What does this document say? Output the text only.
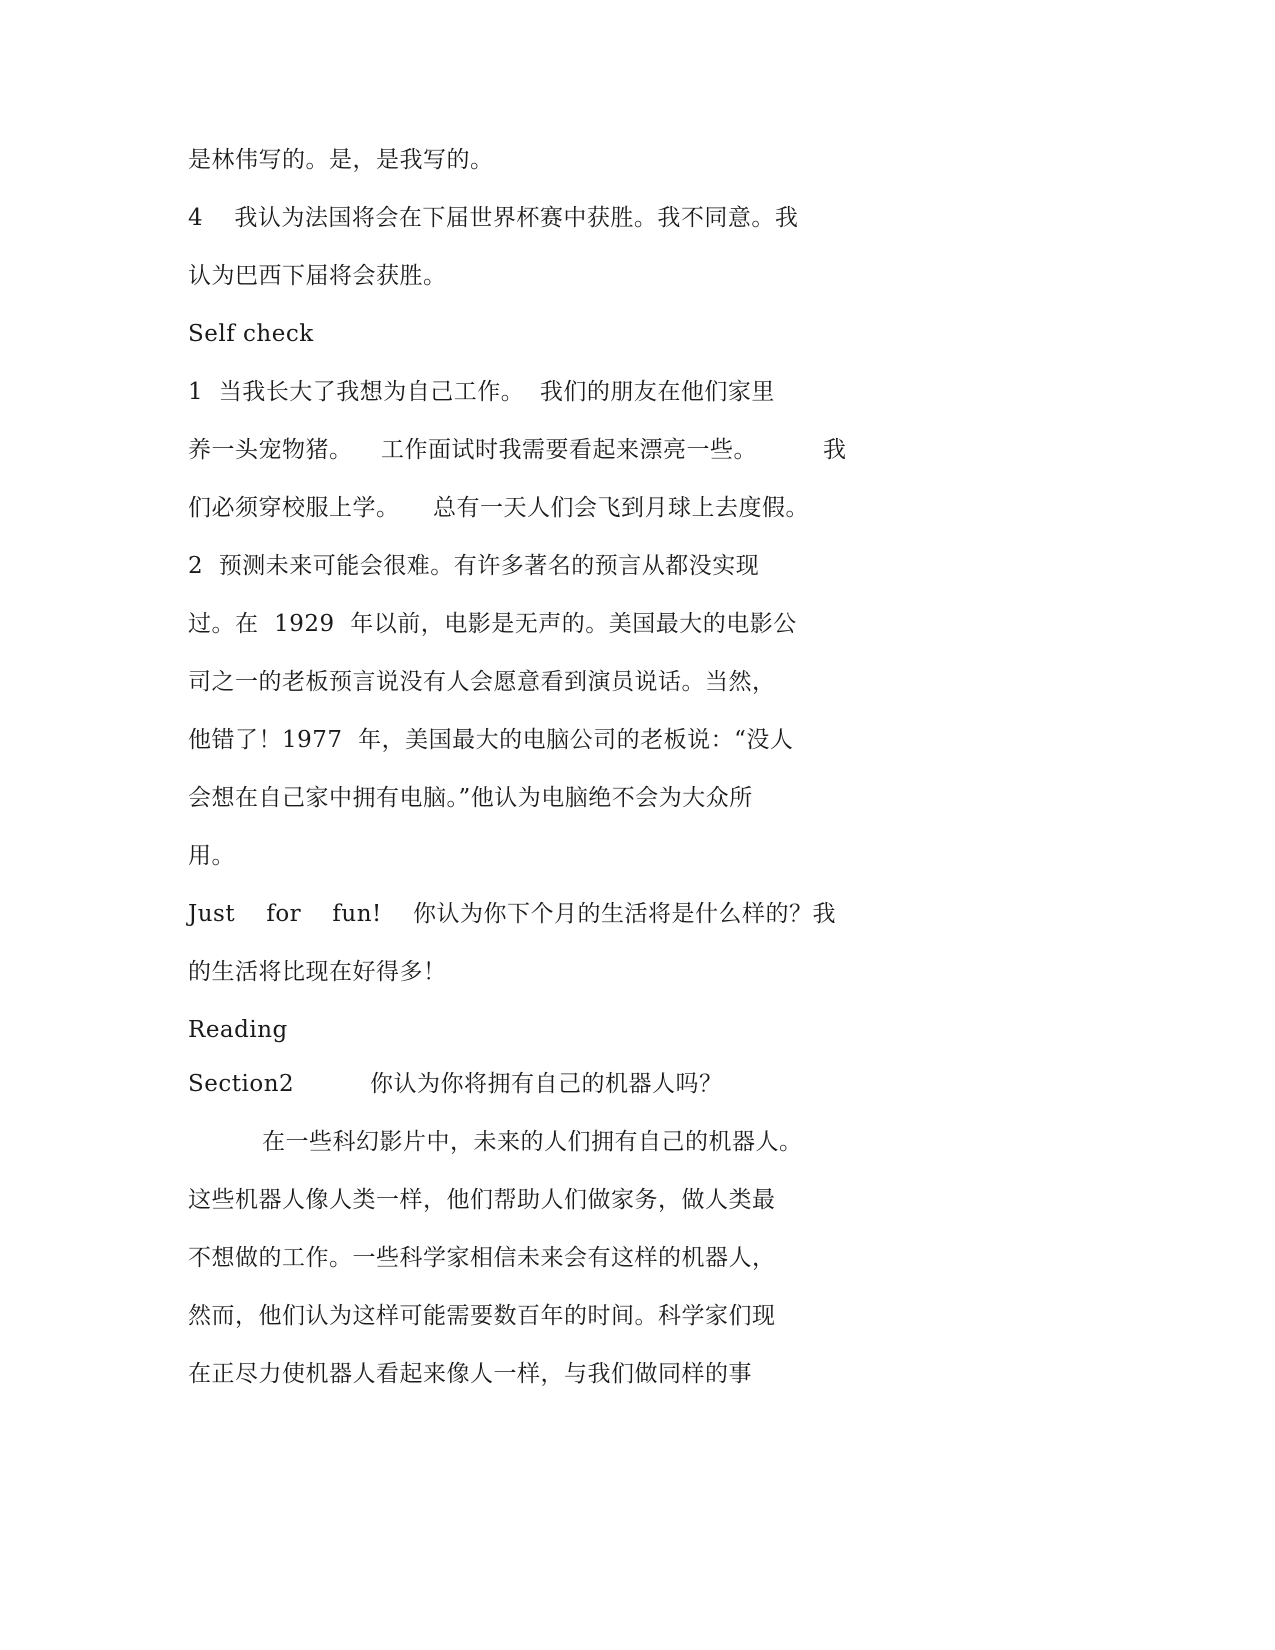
是林伟写的。是，是我写的。
4    我认为法国将会在下届世界杯赛中获胜。我不同意。我
认为巴西下届将会获胜。
Self check
1  当我长大了我想为自己工作。  我们的朋友在他们家里

养一头宠物猪。

工作面试时我需要看起来漂亮一些。

	我

们必须穿校服上学。

总有一天人们会飞到月球上去度假。

2  预测未来可能会很难。有许多著名的预言从都没实现
过。在  1929  年以前，电影是无声的。美国最大的电影公
司之一的老板预言说没有人会愿意看到演员说话。当然，
他错了！1977  年，美国最大的电脑公司的老板说：“没人
会想在自己家中拥有电脑。”他认为电脑绝不会为大众所
用。
Just    for    fun!    你认为你下个月的生活将是什么样的？我
的生活将比现在好得多！
Reading

Section2

	你认为你将拥有自己的机器人吗？

在一些科幻影片中，未来的人们拥有自己的机器人。
这些机器人像人类一样，他们帮助人们做家务，做人类最
不想做的工作。一些科学家相信未来会有这样的机器人，
然而，他们认为这样可能需要数百年的时间。科学家们现
在正尽力使机器人看起来像人一样，与我们做同样的事
